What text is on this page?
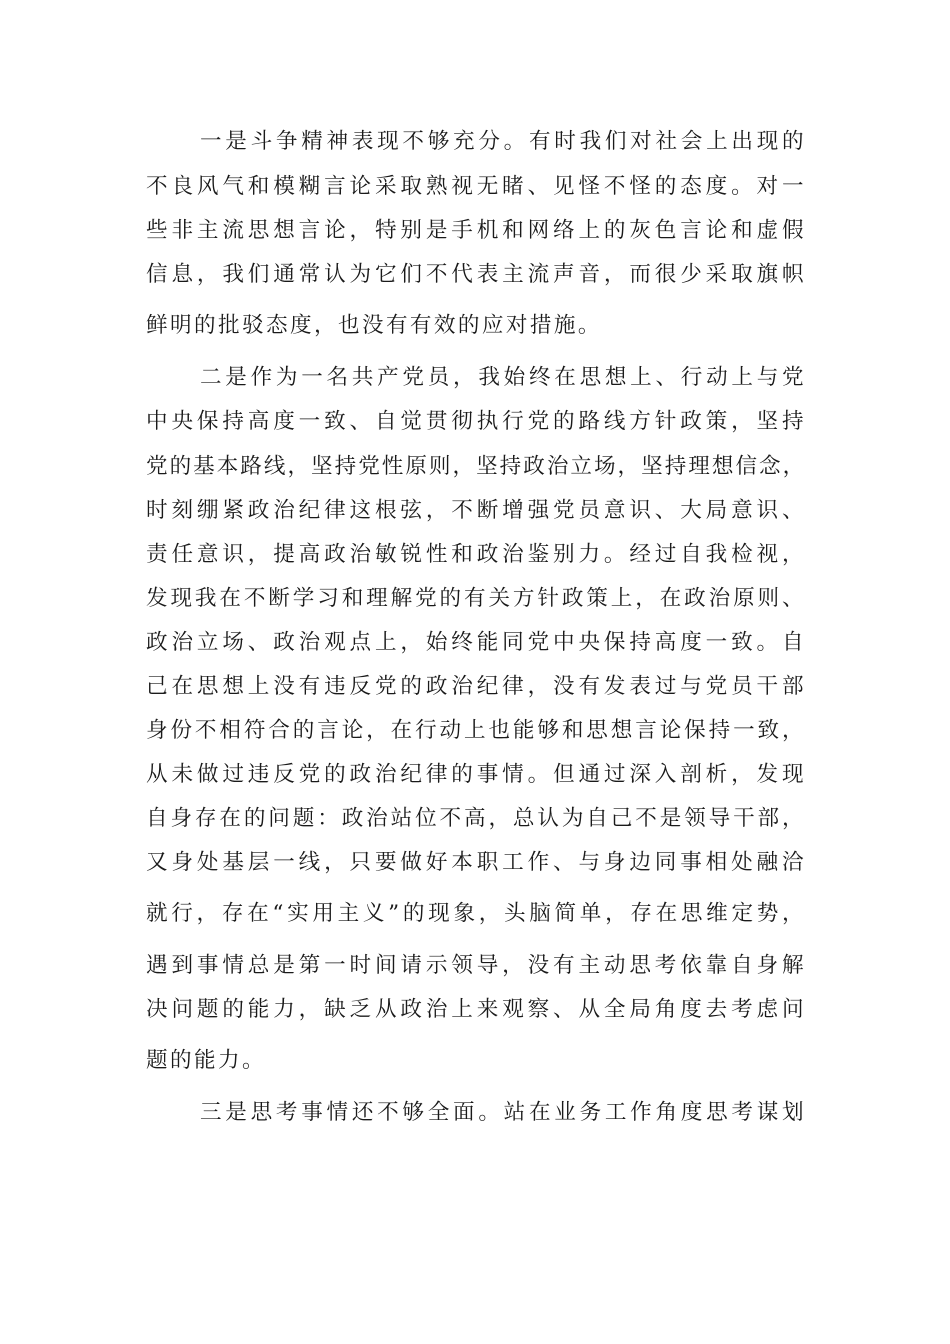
一是斗争精神表现不够充分。有时我们对社会上出现的
不良风气和模糊言论采取熟视无睹、见怪不怪的态度。对一
些非主流思想言论，特别是手机和网络上的灰色言论和虚假
信息，我们通常认为它们不代表主流声音，而很少采取旗帜
鲜明的批驳态度，也没有有效的应对措施。
二是作为一名共产党员，我始终在思想上、行动上与党
中央保持高度一致、自觉贯彻执行党的路线方针政策，坚持
党的基本路线，坚持党性原则，坚持政治立场，坚持理想信念，
时刻绷紧政治纪律这根弦，不断增强党员意识、大局意识、
责任意识，提高政治敏锐性和政治鉴别力。经过自我检视，
发现我在不断学习和理解党的有关方针政策上，在政治原则、
政治立场、政治观点上，始终能同党中央保持高度一致。自
己在思想上没有违反党的政治纪律，没有发表过与党员干部
身份不相符合的言论，在行动上也能够和思想言论保持一致，
从未做过违反党的政治纪律的事情。但通过深入剖析，发现
自身存在的问题：政治站位不高，总认为自己不是领导干部，
又身处基层一线，只要做好本职工作、与身边同事相处融洽
就行，存在“实用主义”的现象，头脑简单，存在思维定势，
遇到事情总是第一时间请示领导，没有主动思考依靠自身解
决问题的能力，缺乏从政治上来观察、从全局角度去考虑问
题的能力。
三是思考事情还不够全面。站在业务工作角度思考谋划
